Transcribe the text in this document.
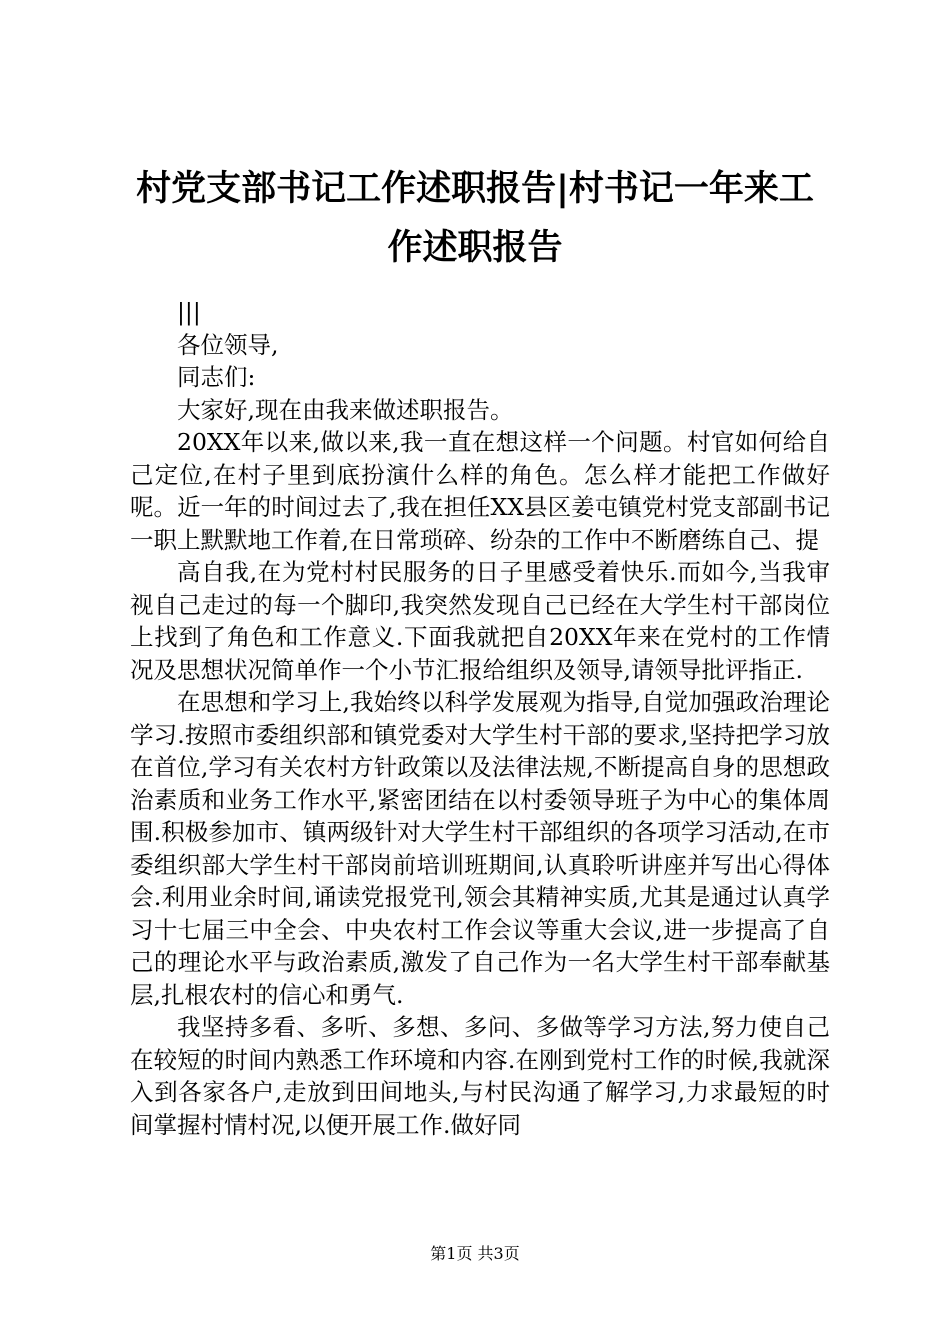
村党支部书记工作述职报告|村书记一年来工作述职报告

|||

各位领导,

同志们:

大家好,现在由我来做述职报告。

20XX年以来,做以来,我一直在想这样一个问题。村官如何给自己定位,在村子里到底扮演什么样的角色。怎么样才能把工作做好呢。近一年的时间过去了,我在担任XX县区姜屯镇党村党支部副书记一职上默默地工作着,在日常琐碎、纷杂的工作中不断磨练自己、提

高自我,在为党村村民服务的日子里感受着快乐.而如今,当我审视自己走过的每一个脚印,我突然发现自己已经在大学生村干部岗位上找到了角色和工作意义.下面我就把自20XX年来在党村的工作情况及思想状况简单作一个小节汇报给组织及领导,请领导批评指正.

在思想和学习上,我始终以科学发展观为指导,自觉加强政治理论学习.按照市委组织部和镇党委对大学生村干部的要求,坚持把学习放在首位,学习有关农村方针政策以及法律法规,不断提高自身的思想政治素质和业务工作水平,紧密团结在以村委领导班子为中心的集体周围.积极参加市、镇两级针对大学生村干部组织的各项学习活动,在市委组织部大学生村干部岗前培训班期间,认真聆听讲座并写出心得体会.利用业余时间,诵读党报党刊,领会其精神实质,尤其是通过认真学习十七届三中全会、中央农村工作会议等重大会议,进一步提高了自己的理论水平与政治素质,激发了自己作为一名大学生村干部奉献基层,扎根农村的信心和勇气.

我坚持多看、多听、多想、多问、多做等学习方法,努力使自己在较短的时间内熟悉工作环境和内容.在刚到党村工作的时候,我就深入到各家各户,走放到田间地头,与村民沟通了解学习,力求最短的时间掌握村情村况,以便开展工作.做好同

第1页 共3页
